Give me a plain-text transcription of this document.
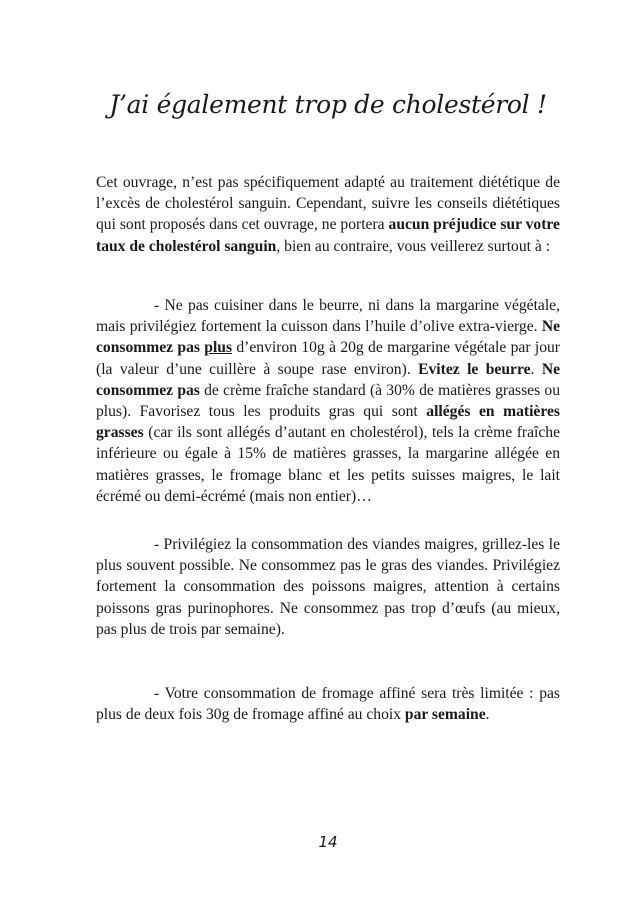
J’ai également trop de cholestérol !

Cet ouvrage, n’est pas spécifiquement adapté au traitement diététique de l’excès de cholestérol sanguin. Cependant, suivre les conseils diététiques qui sont proposés dans cet ouvrage, ne portera aucun préjudice sur votre taux de cholestérol sanguin, bien au contraire, vous veillerez surtout à :

- Ne pas cuisiner dans le beurre, ni dans la margarine végétale, mais privilégiez fortement la cuisson dans l’huile d’olive extra-vierge. Ne consommez pas plus d’environ 10g à 20g de margarine végétale par jour (la valeur d’une cuillère à soupe rase environ). Evitez le beurre. Ne consommez pas de crème fraîche standard (à 30% de matières grasses ou plus). Favorisez tous les produits gras qui sont allégés en matières grasses (car ils sont allégés d’autant en cholestérol), tels la crème fraîche inférieure ou égale à 15% de matières grasses, la margarine allégée en matières grasses, le fromage blanc et les petits suisses maigres, le lait écrémé ou demi-écrémé (mais non entier)…

- Privilégiez la consommation des viandes maigres, grillez-les le plus souvent possible. Ne consommez pas le gras des viandes. Privilégiez fortement la consommation des poissons maigres, attention à certains poissons gras purinophores. Ne consommez pas trop d’œufs (au mieux, pas plus de trois par semaine).

- Votre consommation de fromage affiné sera très limitée : pas plus de deux fois 30g de fromage affiné au choix par semaine.

14
